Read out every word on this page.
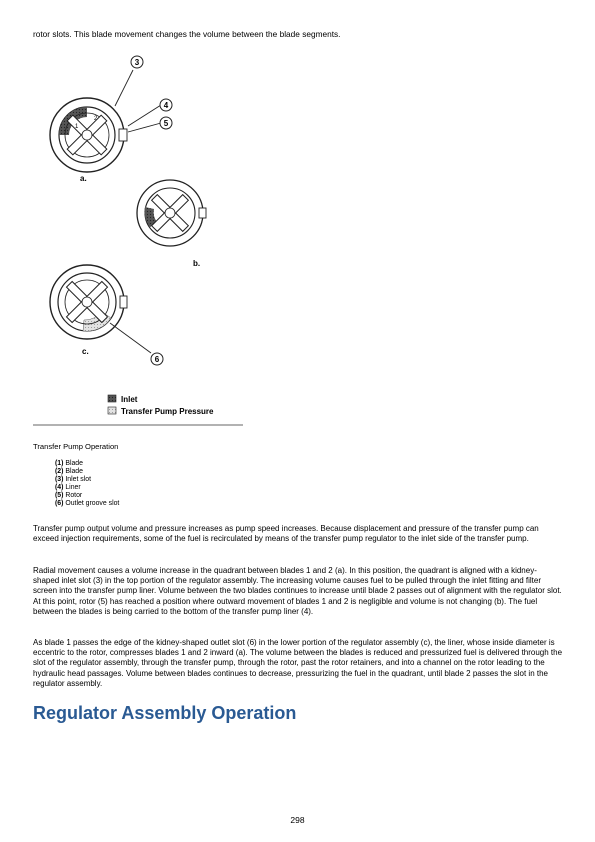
rotor slots. This blade movement changes the volume between the blade segments.
3
4
5
6
a.
b.
c.
1
2
Inlet
Transfer Pump Pressure
Transfer Pump Operation
(1) Blade
(2) Blade
(3) Inlet slot
(4) Liner
(5) Rotor
(6) Outlet groove slot

Transfer pump output volume and pressure increases as pump speed increases. Because displacement and pressure of the transfer pump can exceed injection requirements, some of the fuel is recirculated by means of the transfer pump regulator to the inlet side of the transfer pump.

Radial movement causes a volume increase in the quadrant between blades 1 and 2 (a). In this position, the quadrant is aligned with a kidney-shaped inlet slot (3) in the top portion of the regulator assembly. The increasing volume causes fuel to be pulled through the inlet fitting and filter screen into the transfer pump liner. Volume between the two blades continues to increase until blade 2 passes out of alignment with the regulator slot. At this point, rotor (5) has reached a position where outward movement of blades 1 and 2 is negligible and volume is not changing (b). The fuel between the blades is being carried to the bottom of the transfer pump liner (4).

As blade 1 passes the edge of the kidney-shaped outlet slot (6) in the lower portion of the regulator assembly (c), the liner, whose inside diameter is eccentric to the rotor, compresses blades 1 and 2 inward (a). The volume between the blades is reduced and pressurized fuel is delivered through the slot of the regulator assembly, through the transfer pump, through the rotor, past the rotor retainers, and into a channel on the rotor leading to the hydraulic head passages. Volume between blades continues to decrease, pressurizing the fuel in the quadrant, until blade 2 passes the slot in the regulator assembly.

Regulator Assembly Operation
298
